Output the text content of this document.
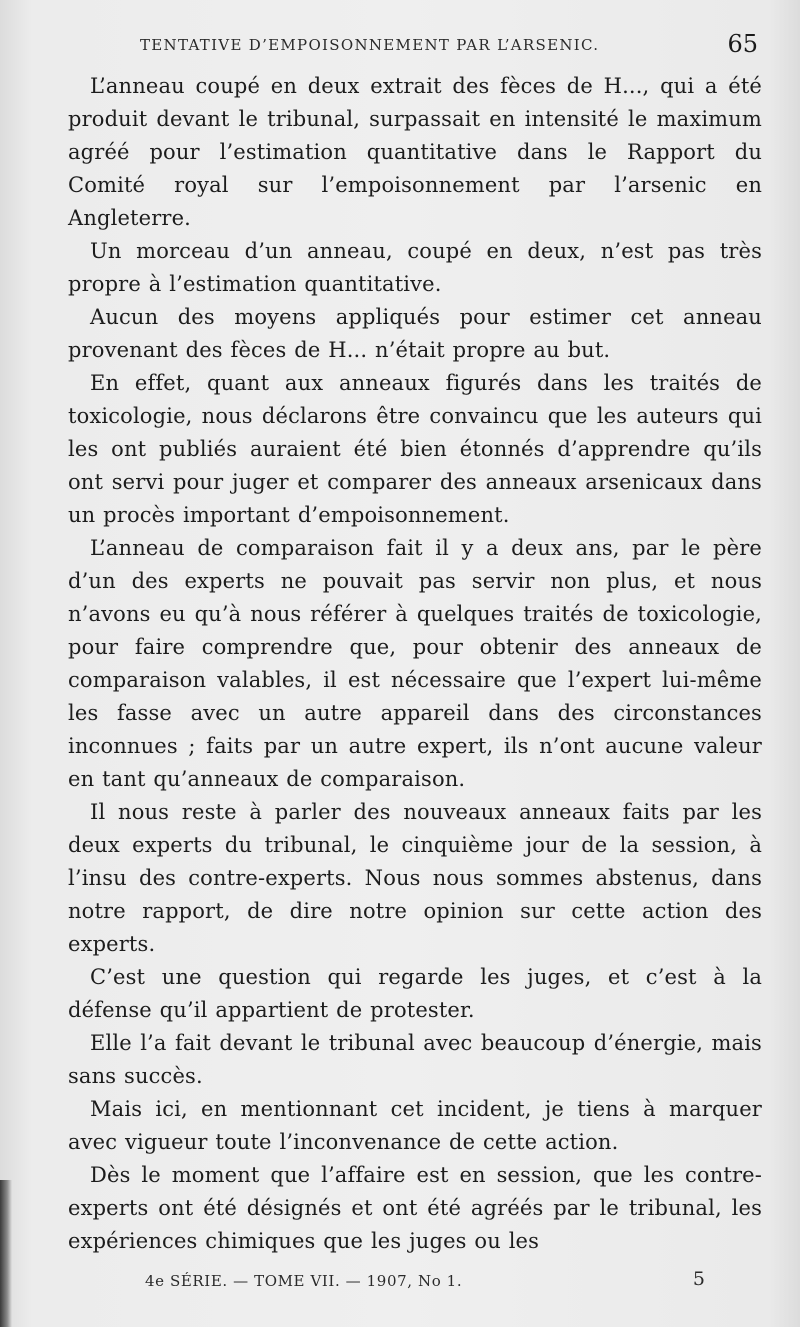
TENTATIVE D’EMPOISONNEMENT PAR L’ARSENIC.	65

L’anneau coupé en deux extrait des fèces de H..., qui a été produit devant le tribunal, surpassait en intensité le maximum agréé pour l’estimation quantitative dans le Rapport du Comité royal sur l’empoisonnement par l’arsenic en Angleterre.

Un morceau d’un anneau, coupé en deux, n’est pas très propre à l’estimation quantitative.

Aucun des moyens appliqués pour estimer cet anneau provenant des fèces de H... n’était propre au but.

En effet, quant aux anneaux figurés dans les traités de toxicologie, nous déclarons être convaincu que les auteurs qui les ont publiés auraient été bien étonnés d’apprendre qu’ils ont servi pour juger et comparer des anneaux arsenicaux dans un procès important d’empoisonnement.

L’anneau de comparaison fait il y a deux ans, par le père d’un des experts ne pouvait pas servir non plus, et nous n’avons eu qu’à nous référer à quelques traités de toxicologie, pour faire comprendre que, pour obtenir des anneaux de comparaison valables, il est nécessaire que l’expert lui-même les fasse avec un autre appareil dans des circonstances inconnues ; faits par un autre expert, ils n’ont aucune valeur en tant qu’anneaux de comparaison.

Il nous reste à parler des nouveaux anneaux faits par les deux experts du tribunal, le cinquième jour de la session, à l’insu des contre-experts. Nous nous sommes abstenus, dans notre rapport, de dire notre opinion sur cette action des experts.

C’est une question qui regarde les juges, et c’est à la défense qu’il appartient de protester.

Elle l’a fait devant le tribunal avec beaucoup d’énergie, mais sans succès.

Mais ici, en mentionnant cet incident, je tiens à marquer avec vigueur toute l’inconvenance de cette action.

Dès le moment que l’affaire est en session, que les contre-experts ont été désignés et ont été agréés par le tribunal, les expériences chimiques que les juges ou les

4e SÉRIE. — TOME VII. — 1907, No 1.	5
